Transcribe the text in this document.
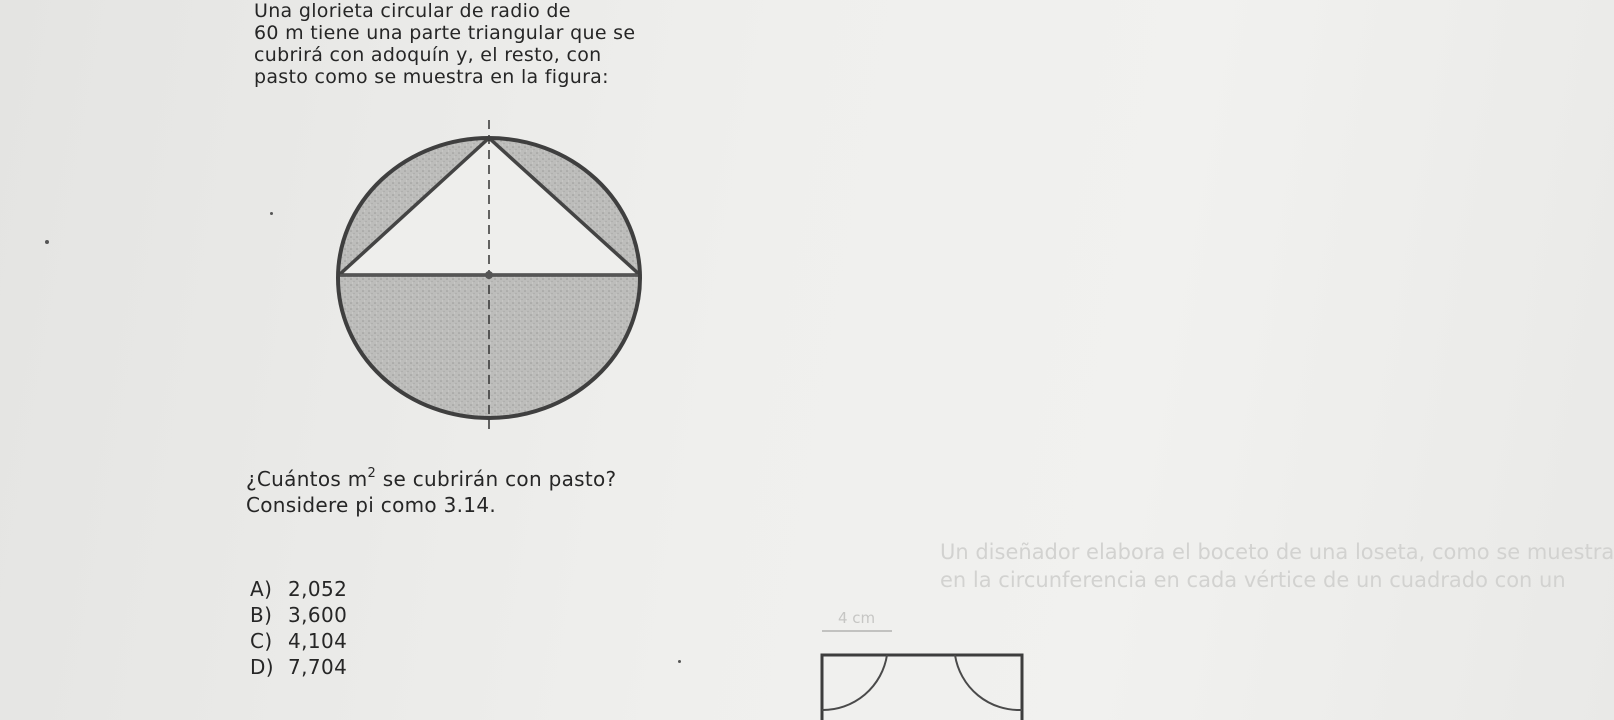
Una glorieta circular de radio de
60 m tiene una parte triangular que se
cubrirá con adoquín y, el resto, con
pasto como se muestra en la figura:
¿Cuántos $m^2$ se cubrirán con pasto?
Considere pi como 3.14.
A) 2,052
B) 3,600
C) 4,104
D) 7,704
Un diseñador elabora el boceto de una loseta, como se muestra
en la circunferencia en cada vértice de un cuadrado con un
4 cm
